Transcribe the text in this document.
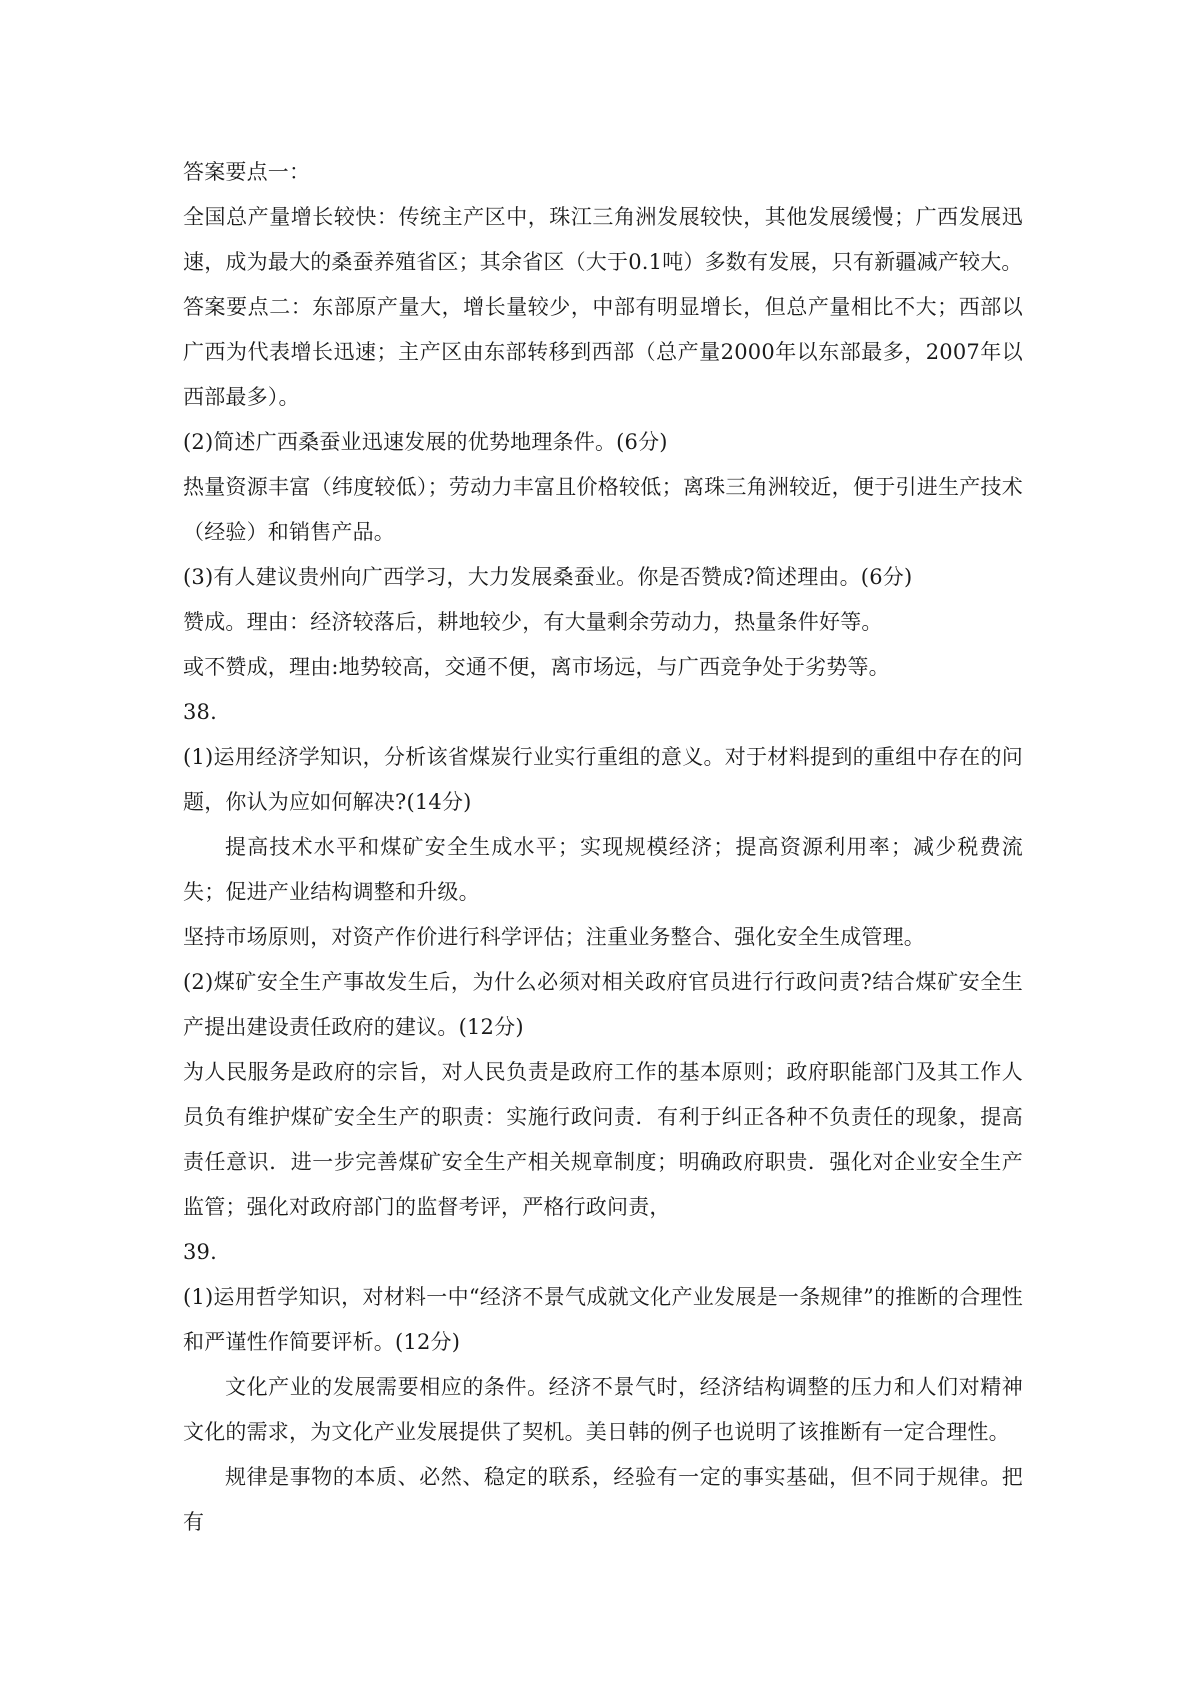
答案要点一：

全国总产量增长较快：传统主产区中，珠江三角洲发展较快，其他发展缓慢；广西发展迅速，成为最大的桑蚕养殖省区；其余省区（大于0.1吨）多数有发展，只有新疆减产较大。

答案要点二：东部原产量大，增长量较少，中部有明显增长，但总产量相比不大；西部以广西为代表增长迅速；主产区由东部转移到西部（总产量2000年以东部最多，2007年以西部最多）。

(2)简述广西桑蚕业迅速发展的优势地理条件。(6分)

热量资源丰富（纬度较低）；劳动力丰富且价格较低；离珠三角洲较近，便于引进生产技术（经验）和销售产品。

(3)有人建议贵州向广西学习，大力发展桑蚕业。你是否赞成?简述理由。(6分)

赞成。理由：经济较落后，耕地较少，有大量剩余劳动力，热量条件好等。

或不赞成，理由:地势较高，交通不便，离市场远，与广西竞争处于劣势等。

38.

(1)运用经济学知识，分析该省煤炭行业实行重组的意义。对于材料提到的重组中存在的问题，你认为应如何解决?(14分)

提高技术水平和煤矿安全生成水平；实现规模经济；提高资源利用率；减少税费流失；促进产业结构调整和升级。

坚持市场原则，对资产作价进行科学评估；注重业务整合、强化安全生成管理。

(2)煤矿安全生产事故发生后，为什么必须对相关政府官员进行行政问责?结合煤矿安全生产提出建设责任政府的建议。(12分)

为人民服务是政府的宗旨，对人民负责是政府工作的基本原则；政府职能部门及其工作人员负有维护煤矿安全生产的职责：实施行政问责．有利于纠正各种不负责任的现象，提高责任意识．进一步完善煤矿安全生产相关规章制度；明确政府职贵．强化对企业安全生产监管；强化对政府部门的监督考评，严格行政问责，

39.

(1)运用哲学知识，对材料一中“经济不景气成就文化产业发展是一条规律”的推断的合理性和严谨性作简要评析。(12分)

文化产业的发展需要相应的条件。经济不景气时，经济结构调整的压力和人们对精神文化的需求，为文化产业发展提供了契机。美日韩的例子也说明了该推断有一定合理性。

规律是事物的本质、必然、稳定的联系，经验有一定的事实基础，但不同于规律。把有
